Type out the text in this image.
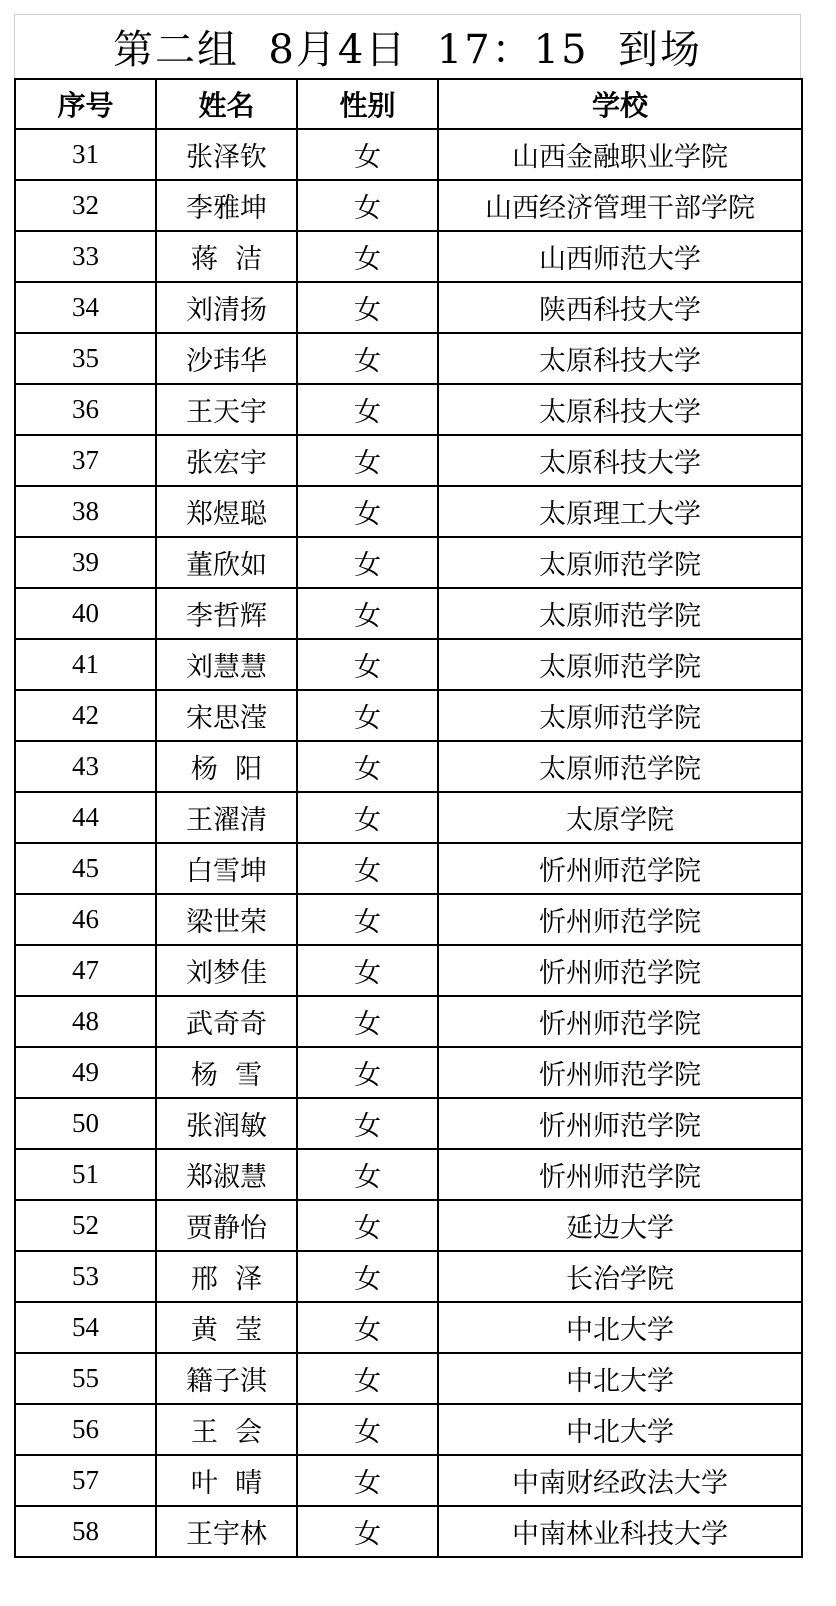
第二组  8月4日  17：15  到场
序号	姓名	性别	学校
31	张泽钦	女	山西金融职业学院
32	李雅坤	女	山西经济管理干部学院
33	蒋  洁	女	山西师范大学
34	刘清扬	女	陕西科技大学
35	沙玮华	女	太原科技大学
36	王天宇	女	太原科技大学
37	张宏宇	女	太原科技大学
38	郑煜聪	女	太原理工大学
39	董欣如	女	太原师范学院
40	李哲辉	女	太原师范学院
41	刘慧慧	女	太原师范学院
42	宋思滢	女	太原师范学院
43	杨  阳	女	太原师范学院
44	王濯清	女	太原学院
45	白雪坤	女	忻州师范学院
46	梁世荣	女	忻州师范学院
47	刘梦佳	女	忻州师范学院
48	武奇奇	女	忻州师范学院
49	杨  雪	女	忻州师范学院
50	张润敏	女	忻州师范学院
51	郑淑慧	女	忻州师范学院
52	贾静怡	女	延边大学
53	邢  泽	女	长治学院
54	黄  莹	女	中北大学
55	籍子淇	女	中北大学
56	王  会	女	中北大学
57	叶  晴	女	中南财经政法大学
58	王宇林	女	中南林业科技大学
